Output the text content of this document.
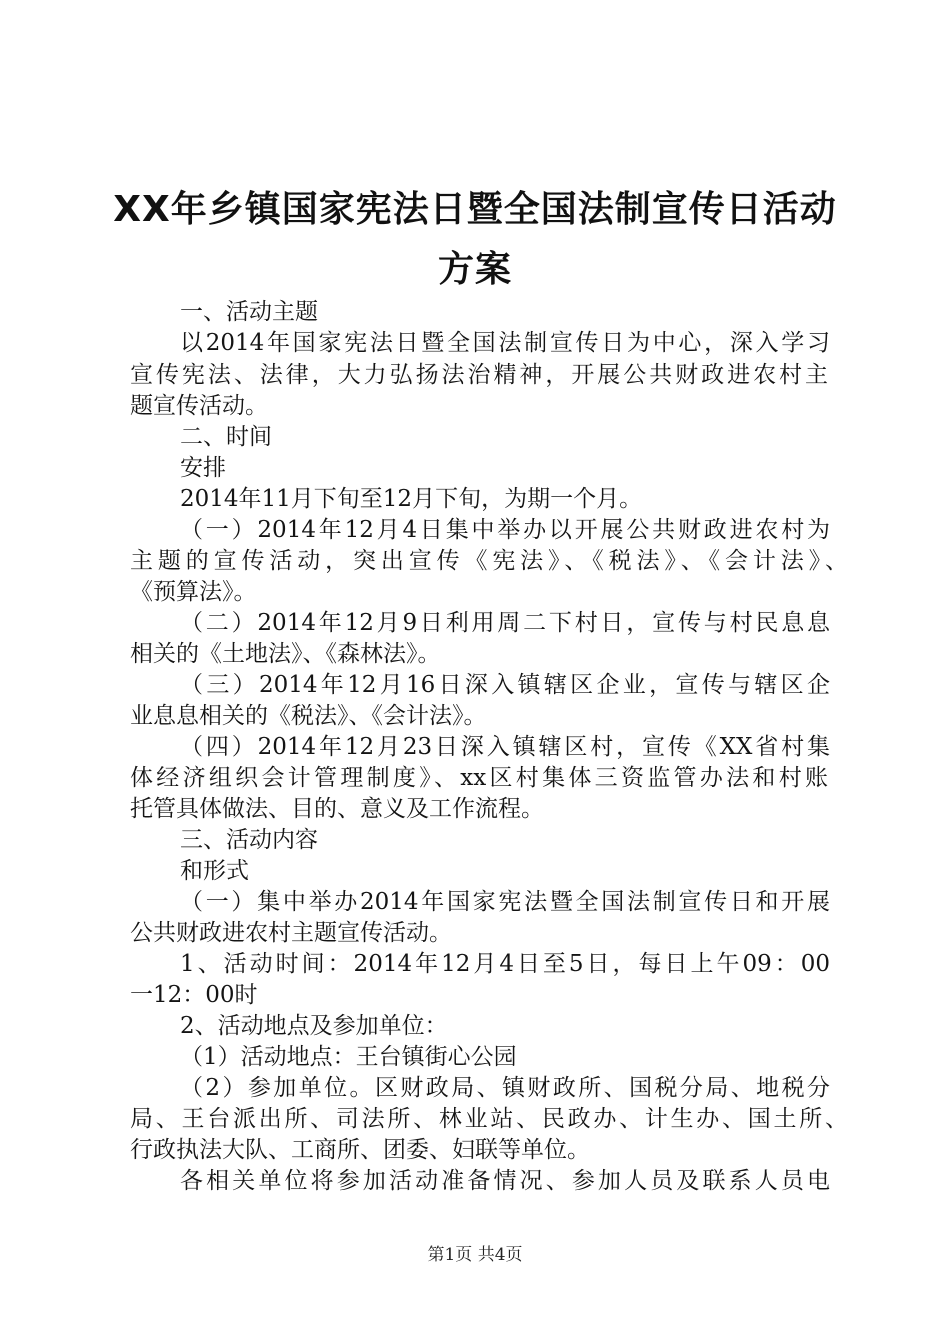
XX年乡镇国家宪法日暨全国法制宣传日活动
方案
一、活动主题
以2014年国家宪法日暨全国法制宣传日为中心，深入学习
宣传宪法、法律，大力弘扬法治精神，开展公共财政进农村主
题宣传活动。
二、时间
安排
2014年11月下旬至12月下旬，为期一个月。
（一）2014年12月4日集中举办以开展公共财政进农村为
主题的宣传活动，突出宣传《宪法》、《税法》、《会计法》、
《预算法》。
（二）2014年12月9日利用周二下村日，宣传与村民息息
相关的《土地法》、《森林法》。
（三）2014年12月16日深入镇辖区企业，宣传与辖区企
业息息相关的《税法》、《会计法》。
（四）2014年12月23日深入镇辖区村，宣传《XX省村集
体经济组织会计管理制度》、xx区村集体三资监管办法和村账
托管具体做法、目的、意义及工作流程。
三、活动内容
和形式
（一）集中举办2014年国家宪法暨全国法制宣传日和开展
公共财政进农村主题宣传活动。
1、活动时间：2014年12月4日至5日，每日上午09：00
一12：00时
2、活动地点及参加单位：
（1）活动地点：王台镇街心公园
（2）参加单位。区财政局、镇财政所、国税分局、地税分
局、王台派出所、司法所、林业站、民政办、计生办、国土所、
行政执法大队、工商所、团委、妇联等单位。
各相关单位将参加活动准备情况、参加人员及联系人员电
第1页 共4页
